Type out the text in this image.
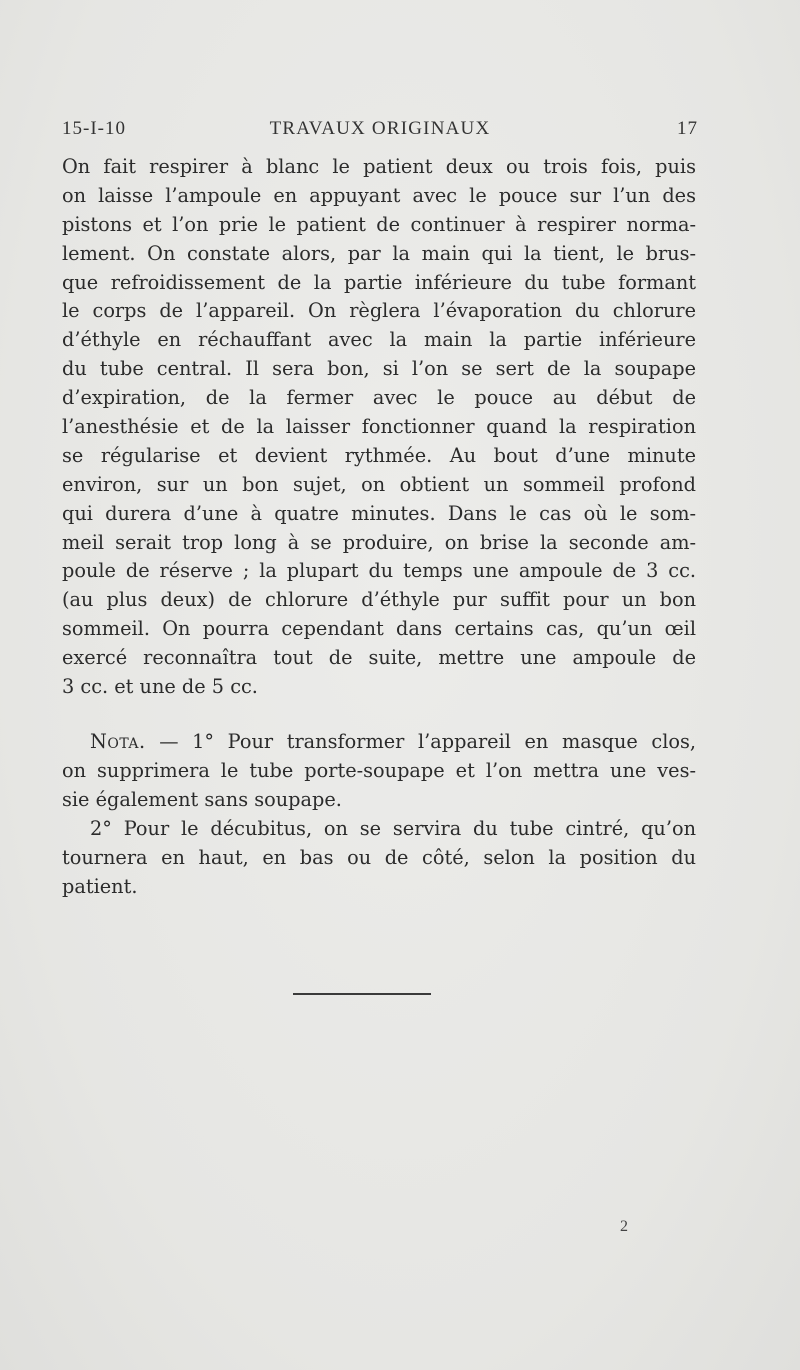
15-I-10	TRAVAUX ORIGINAUX	17
On fait respirer à blanc le patient deux ou trois fois, puis
on laisse l’ampoule en appuyant avec le pouce sur l’un des
pistons et l’on prie le patient de continuer à respirer norma-
lement. On constate alors, par la main qui la tient, le brus-
que refroidissement de la partie inférieure du tube formant
le corps de l’appareil. On règlera l’évaporation du chlorure
d’éthyle en réchauffant avec la main la partie inférieure
du tube central. Il sera bon, si l’on se sert de la soupape
d’expiration, de la fermer avec le pouce au début de
l’anesthésie et de la laisser fonctionner quand la respiration
se régularise et devient rythmée. Au bout d’une minute
environ, sur un bon sujet, on obtient un sommeil profond
qui durera d’une à quatre minutes. Dans le cas où le som-
meil serait trop long à se produire, on brise la seconde am-
poule de réserve ; la plupart du temps une ampoule de 3 cc.
(au plus deux) de chlorure d’éthyle pur suffit pour un bon
sommeil. On pourra cependant dans certains cas, qu’un œil
exercé reconnaîtra tout de suite, mettre une ampoule de
3 cc. et une de 5 cc.
Nota. — 1° Pour transformer l’appareil en masque clos,
on supprimera le tube porte-soupape et l’on mettra une ves-
sie également sans soupape.
2° Pour le décubitus, on se servira du tube cintré, qu’on
tournera en haut, en bas ou de côté, selon la position du
patient.
2
